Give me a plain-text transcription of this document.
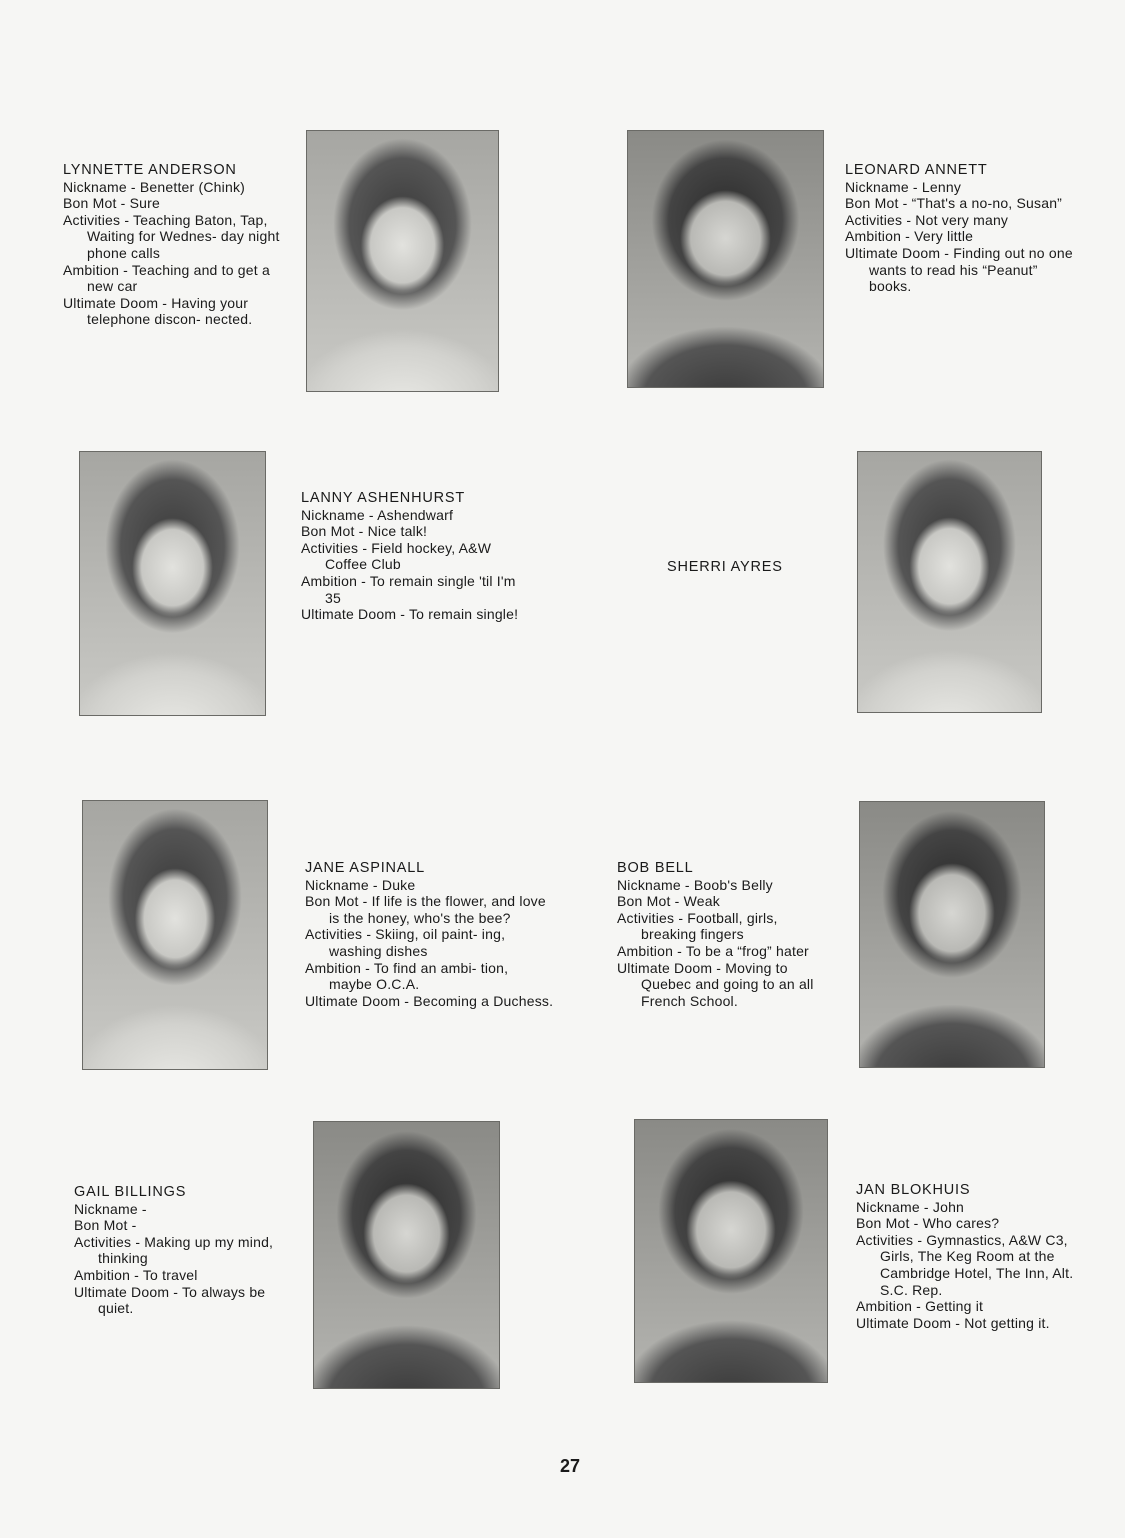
LYNNETTE ANDERSON
Nickname - Benetter (Chink)
Bon Mot - Sure
Activities - Teaching Baton, Tap, Waiting for Wednes- day night phone calls
Ambition - Teaching and to get a new car
Ultimate Doom - Having your telephone discon- nected.
LEONARD ANNETT
Nickname - Lenny
Bon Mot - “That's a no-no, Susan”
Activities - Not very many
Ambition - Very little
Ultimate Doom - Finding out no one wants to read his “Peanut” books.
LANNY ASHENHURST
Nickname - Ashendwarf
Bon Mot - Nice talk!
Activities - Field hockey, A&W Coffee Club
Ambition - To remain single 'til I'm 35
Ultimate Doom - To remain single!
SHERRI AYRES
JANE ASPINALL
Nickname - Duke
Bon Mot - If life is the flower, and love is the honey, who's the bee?
Activities - Skiing, oil paint- ing, washing dishes
Ambition - To find an ambi- tion, maybe O.C.A.
Ultimate Doom - Becoming a Duchess.
BOB BELL
Nickname - Boob's Belly
Bon Mot - Weak
Activities - Football, girls, breaking fingers
Ambition - To be a “frog” hater
Ultimate Doom - Moving to Quebec and going to an all French School.
GAIL BILLINGS
Nickname -
Bon Mot -
Activities - Making up my mind, thinking
Ambition - To travel
Ultimate Doom - To always be quiet.
JAN BLOKHUIS
Nickname - John
Bon Mot - Who cares?
Activities - Gymnastics, A&W C3, Girls, The Keg Room at the Cambridge Hotel, The Inn, Alt. S.C. Rep.
Ambition - Getting it
Ultimate Doom - Not getting it.
27
